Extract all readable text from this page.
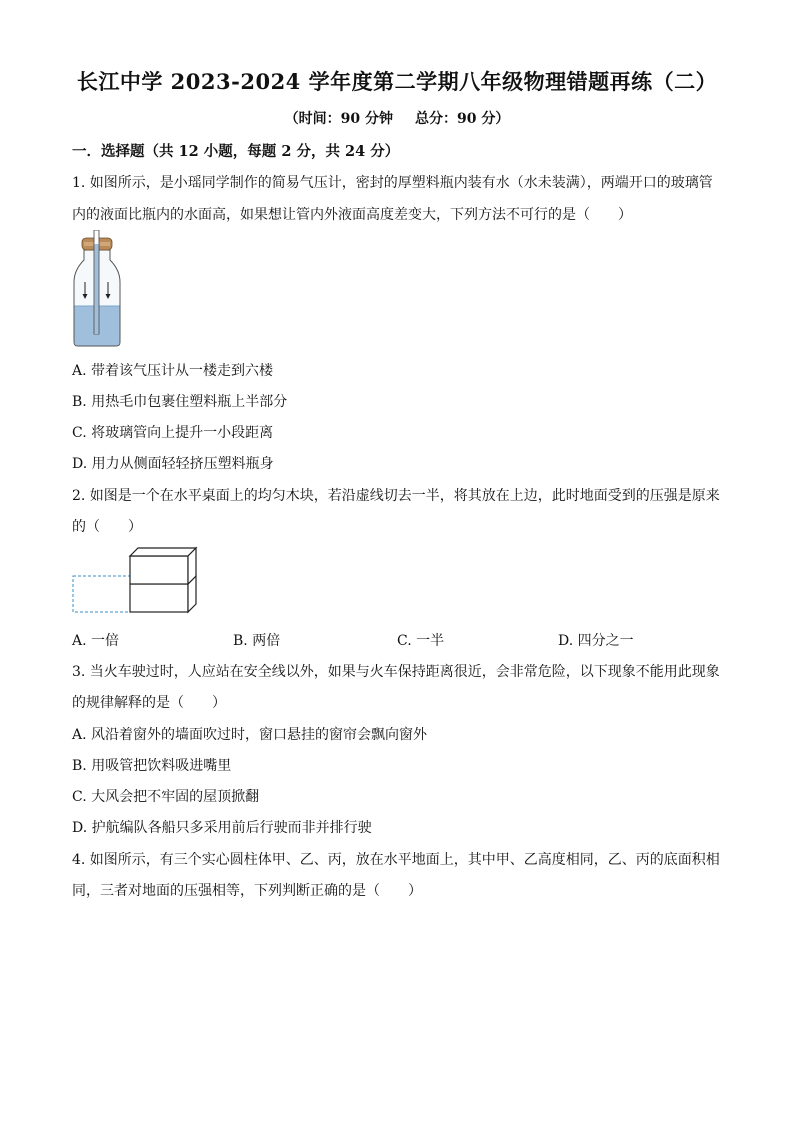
长江中学 2023-2024 学年度第二学期八年级物理错题再练（二）
（时间：90 分钟 总分：90 分）
一．选择题（共 12 小题，每题 2 分，共 24 分）
1. 如图所示，是小瑶同学制作的简易气压计，密封的厚塑料瓶内装有水（水未装满），两端开口的玻璃管
内的液面比瓶内的水面高，如果想让管内外液面高度差变大，下列方法不可行的是（　　）
A. 带着该气压计从一楼走到六楼
B. 用热毛巾包裹住塑料瓶上半部分
C. 将玻璃管向上提升一小段距离
D. 用力从侧面轻轻挤压塑料瓶身
2. 如图是一个在水平桌面上的均匀木块，若沿虚线切去一半，将其放在上边，此时地面受到的压强是原来
的（　　）
A. 一倍	B. 两倍	C. 一半	D. 四分之一
3. 当火车驶过时，人应站在安全线以外，如果与火车保持距离很近，会非常危险，以下现象不能用此现象
的规律解释的是（　　）
A. 风沿着窗外的墙面吹过时，窗口悬挂的窗帘会飘向窗外
B. 用吸管把饮料吸进嘴里
C. 大风会把不牢固的屋顶掀翻
D. 护航编队各船只多采用前后行驶而非并排行驶
4. 如图所示，有三个实心圆柱体甲、乙、丙，放在水平地面上，其中甲、乙高度相同，乙、丙的底面积相
同，三者对地面的压强相等，下列判断正确的是（　　）
